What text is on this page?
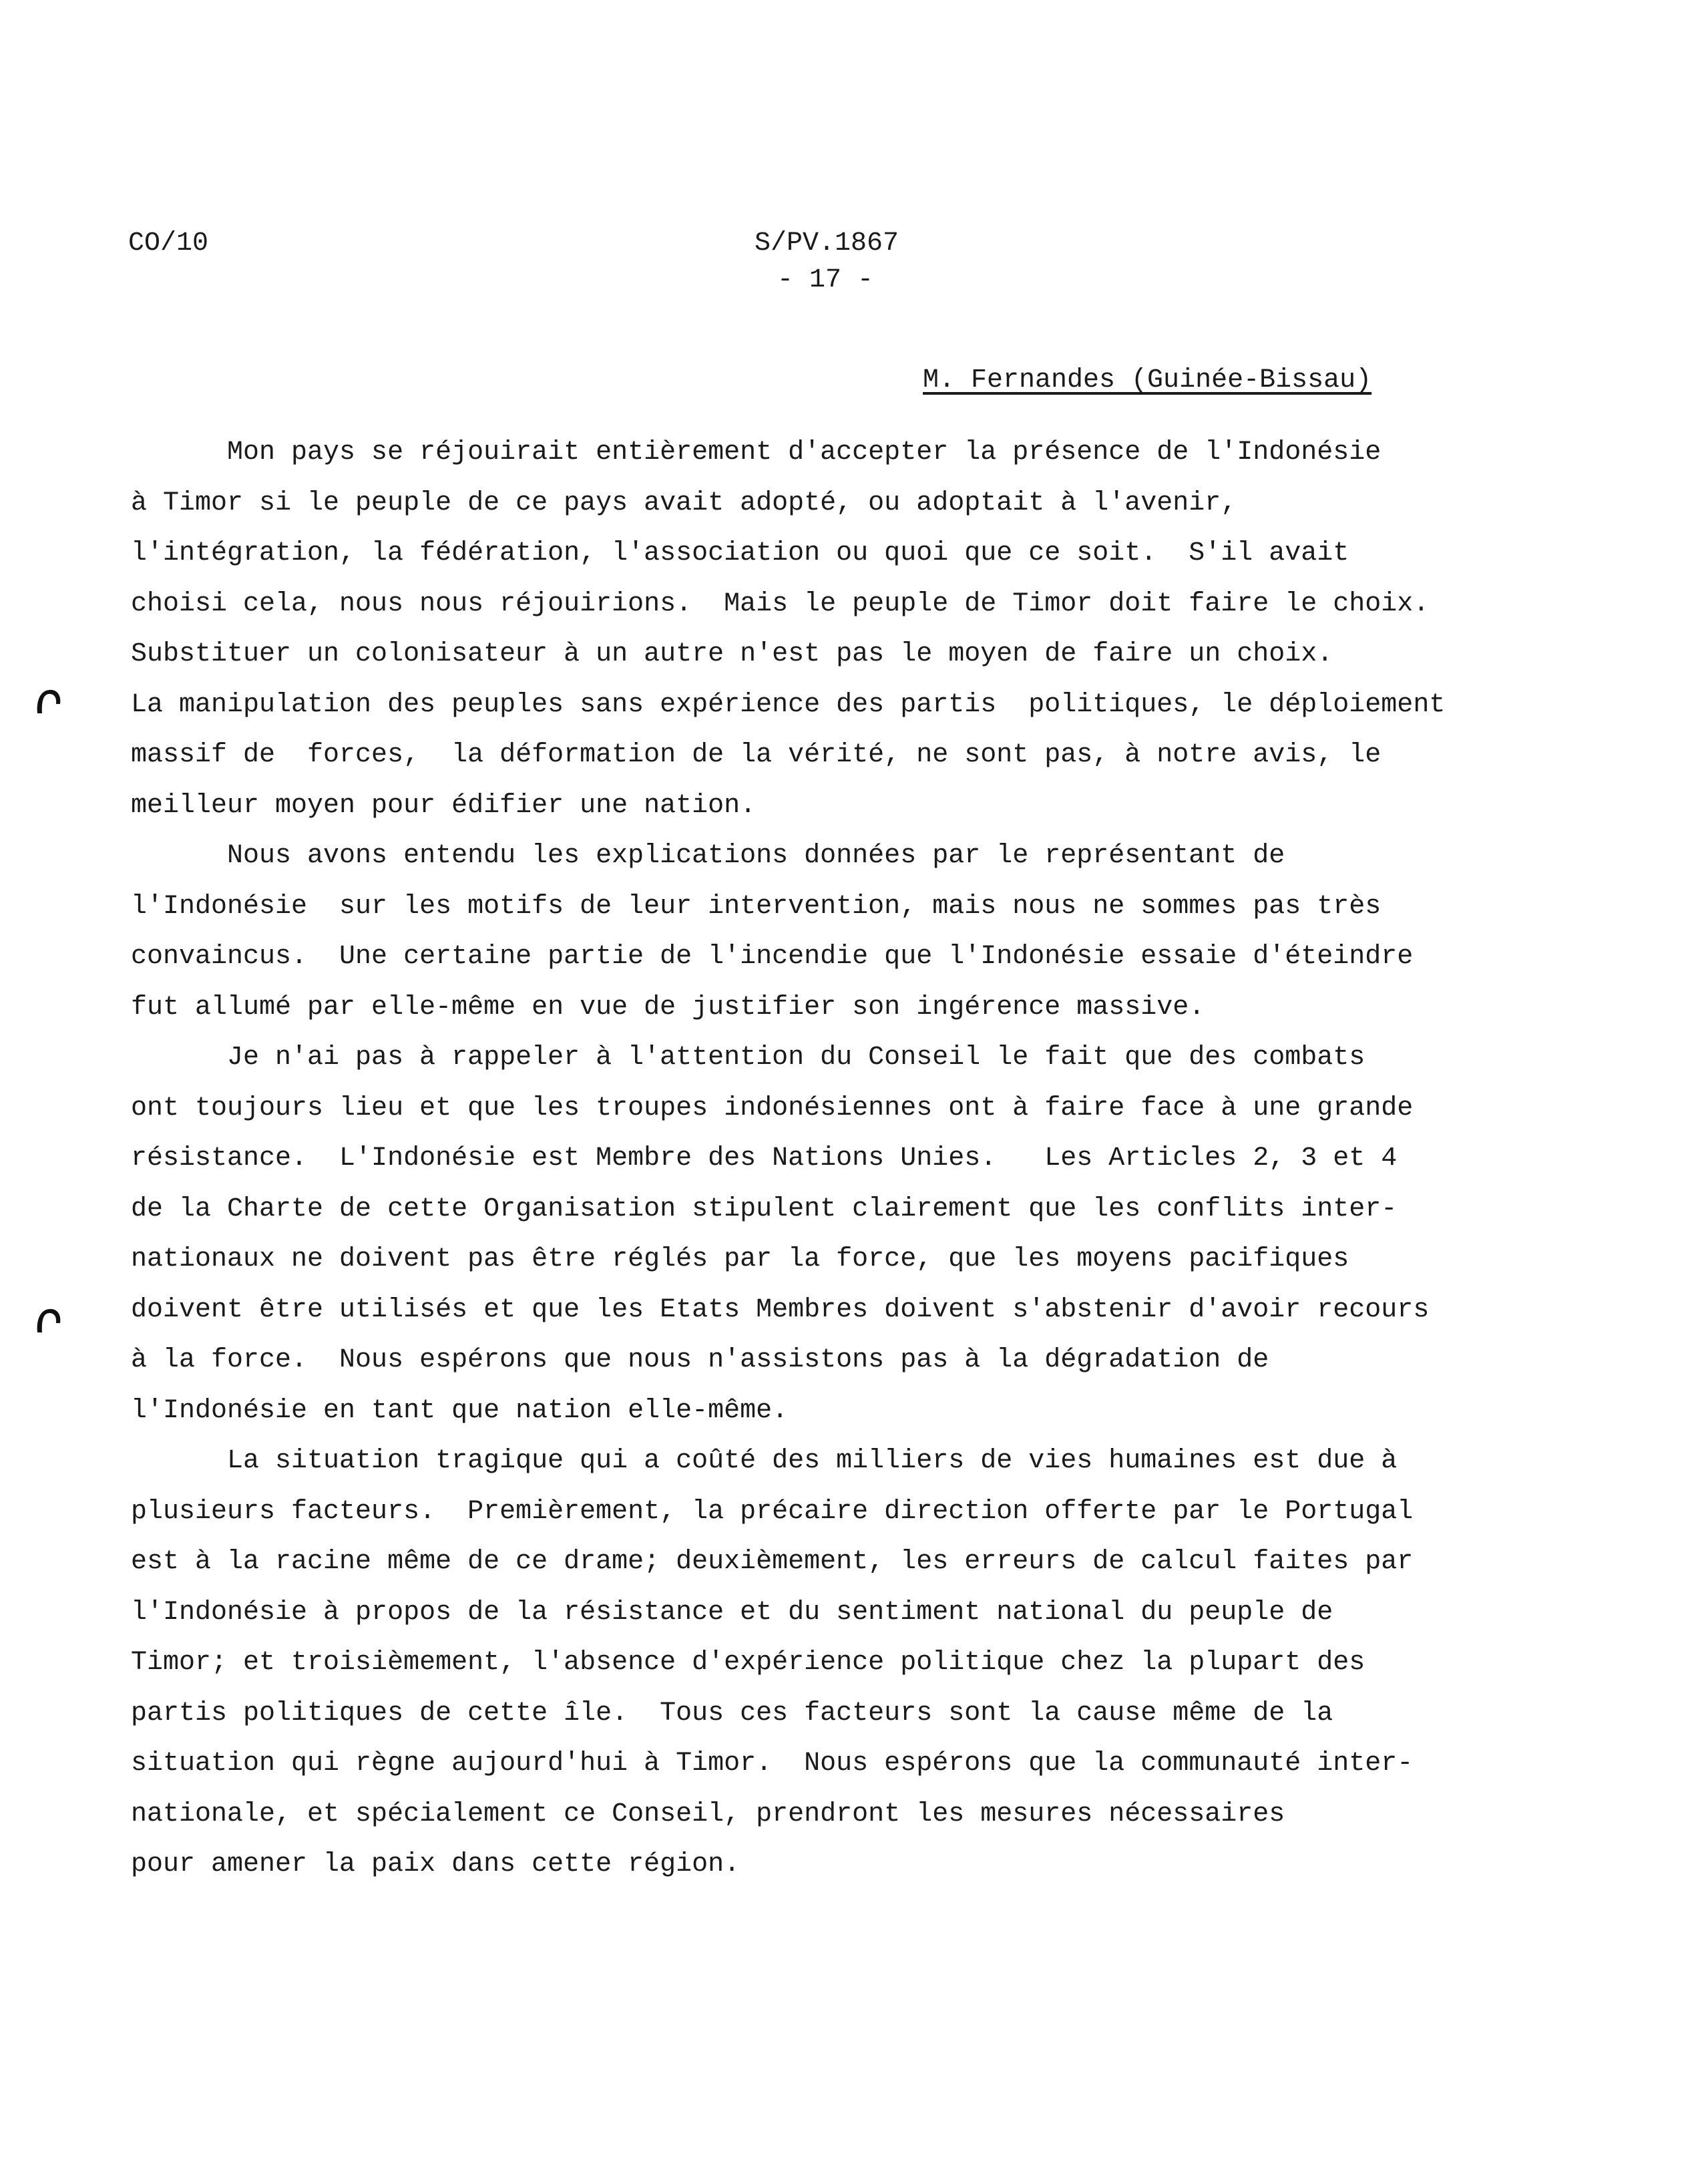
CO/10	S/PV.1867
- 17 -
M. Fernandes (Guinée-Bissau)
Mon pays se réjouirait entièrement d'accepter la présence de l'Indonésie
à Timor si le peuple de ce pays avait adopté, ou adoptait à l'avenir,
l'intégration, la fédération, l'association ou quoi que ce soit.  S'il avait
choisi cela, nous nous réjouirions.  Mais le peuple de Timor doit faire le choix.
Substituer un colonisateur à un autre n'est pas le moyen de faire un choix.
La manipulation des peuples sans expérience des partis  politiques, le déploiement
massif de  forces,  la déformation de la vérité, ne sont pas, à notre avis, le
meilleur moyen pour édifier une nation.
Nous avons entendu les explications données par le représentant de
l'Indonésie  sur les motifs de leur intervention, mais nous ne sommes pas très
convaincus.  Une certaine partie de l'incendie que l'Indonésie essaie d'éteindre
fut allumé par elle-même en vue de justifier son ingérence massive.
Je n'ai pas à rappeler à l'attention du Conseil le fait que des combats
ont toujours lieu et que les troupes indonésiennes ont à faire face à une grande
résistance.  L'Indonésie est Membre des Nations Unies.   Les Articles 2, 3 et 4
de la Charte de cette Organisation stipulent clairement que les conflits inter-
nationaux ne doivent pas être réglés par la force, que les moyens pacifiques
doivent être utilisés et que les Etats Membres doivent s'abstenir d'avoir recours
à la force.  Nous espérons que nous n'assistons pas à la dégradation de
l'Indonésie en tant que nation elle-même.
La situation tragique qui a coûté des milliers de vies humaines est due à
plusieurs facteurs.  Premièrement, la précaire direction offerte par le Portugal
est à la racine même de ce drame; deuxièmement, les erreurs de calcul faites par
l'Indonésie à propos de la résistance et du sentiment national du peuple de
Timor; et troisièmement, l'absence d'expérience politique chez la plupart des
partis politiques de cette île.  Tous ces facteurs sont la cause même de la
situation qui règne aujourd'hui à Timor.  Nous espérons que la communauté inter-
nationale, et spécialement ce Conseil, prendront les mesures nécessaires
pour amener la paix dans cette région.
